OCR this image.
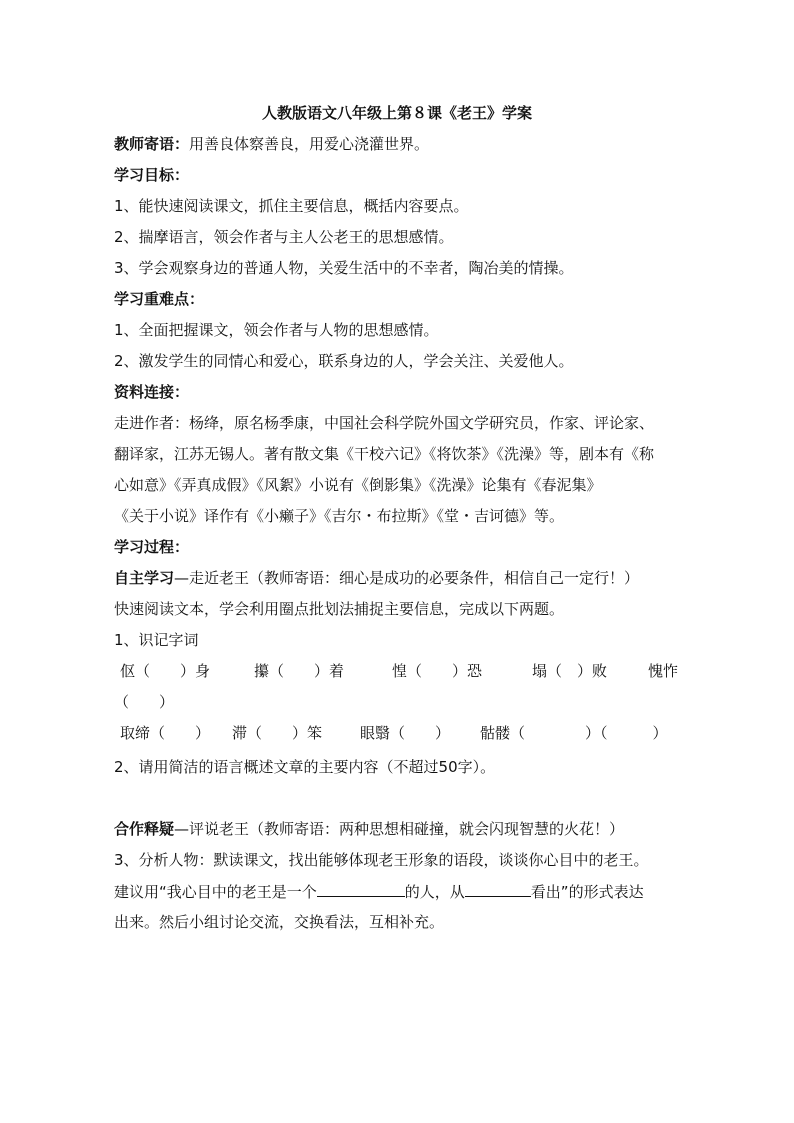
人教版语文八年级上第８课《老王》学案
教师寄语：用善良体察善良，用爱心浇灌世界。
学习目标：
1、能快速阅读课文，抓住主要信息，概括内容要点。
2、揣摩语言，领会作者与主人公老王的思想感情。
3、学会观察身边的普通人物，关爱生活中的不幸者，陶冶美的情操。
学习重难点：
1、全面把握课文，领会作者与人物的思想感情。
2、激发学生的同情心和爱心，联系身边的人，学会关注、关爱他人。
资料连接：
走进作者：杨绛，原名杨季康，中国社会科学院外国文学研究员，作家、评论家、
翻译家，江苏无锡人。著有散文集《干校六记》《将饮茶》《洗澡》等，剧本有《称
心如意》《弄真成假》《风絮》小说有《倒影集》《洗澡》论集有《春泥集》
《关于小说》译作有《小癞子》《吉尔・布拉斯》《堂・吉诃德》等。
学习过程：
自主学习—走近老王（教师寄语：细心是成功的必要条件，相信自己一定行！）
快速阅读文本，学会利用圈点批划法捕捉主要信息，完成以下两题。
1、识记字词
伛（　　）身	攥（　　）着	惶（　　）恐	塌（　）败	愧怍
（　　）
取缔（　　） 滞（　　）笨	眼翳（　　） 骷髅（　　　　）（　　　）
2、请用简洁的语言概述文章的主要内容（不超过50字）。
合作释疑—评说老王（教师寄语：两种思想相碰撞，就会闪现智慧的火花！）
3、分析人物：默读课文，找出能够体现老王形象的语段，谈谈你心目中的老王。
建议用“我心目中的老王是一个	的人，从	看出”的形式表达
出来。然后小组讨论交流，交换看法，互相补充。
